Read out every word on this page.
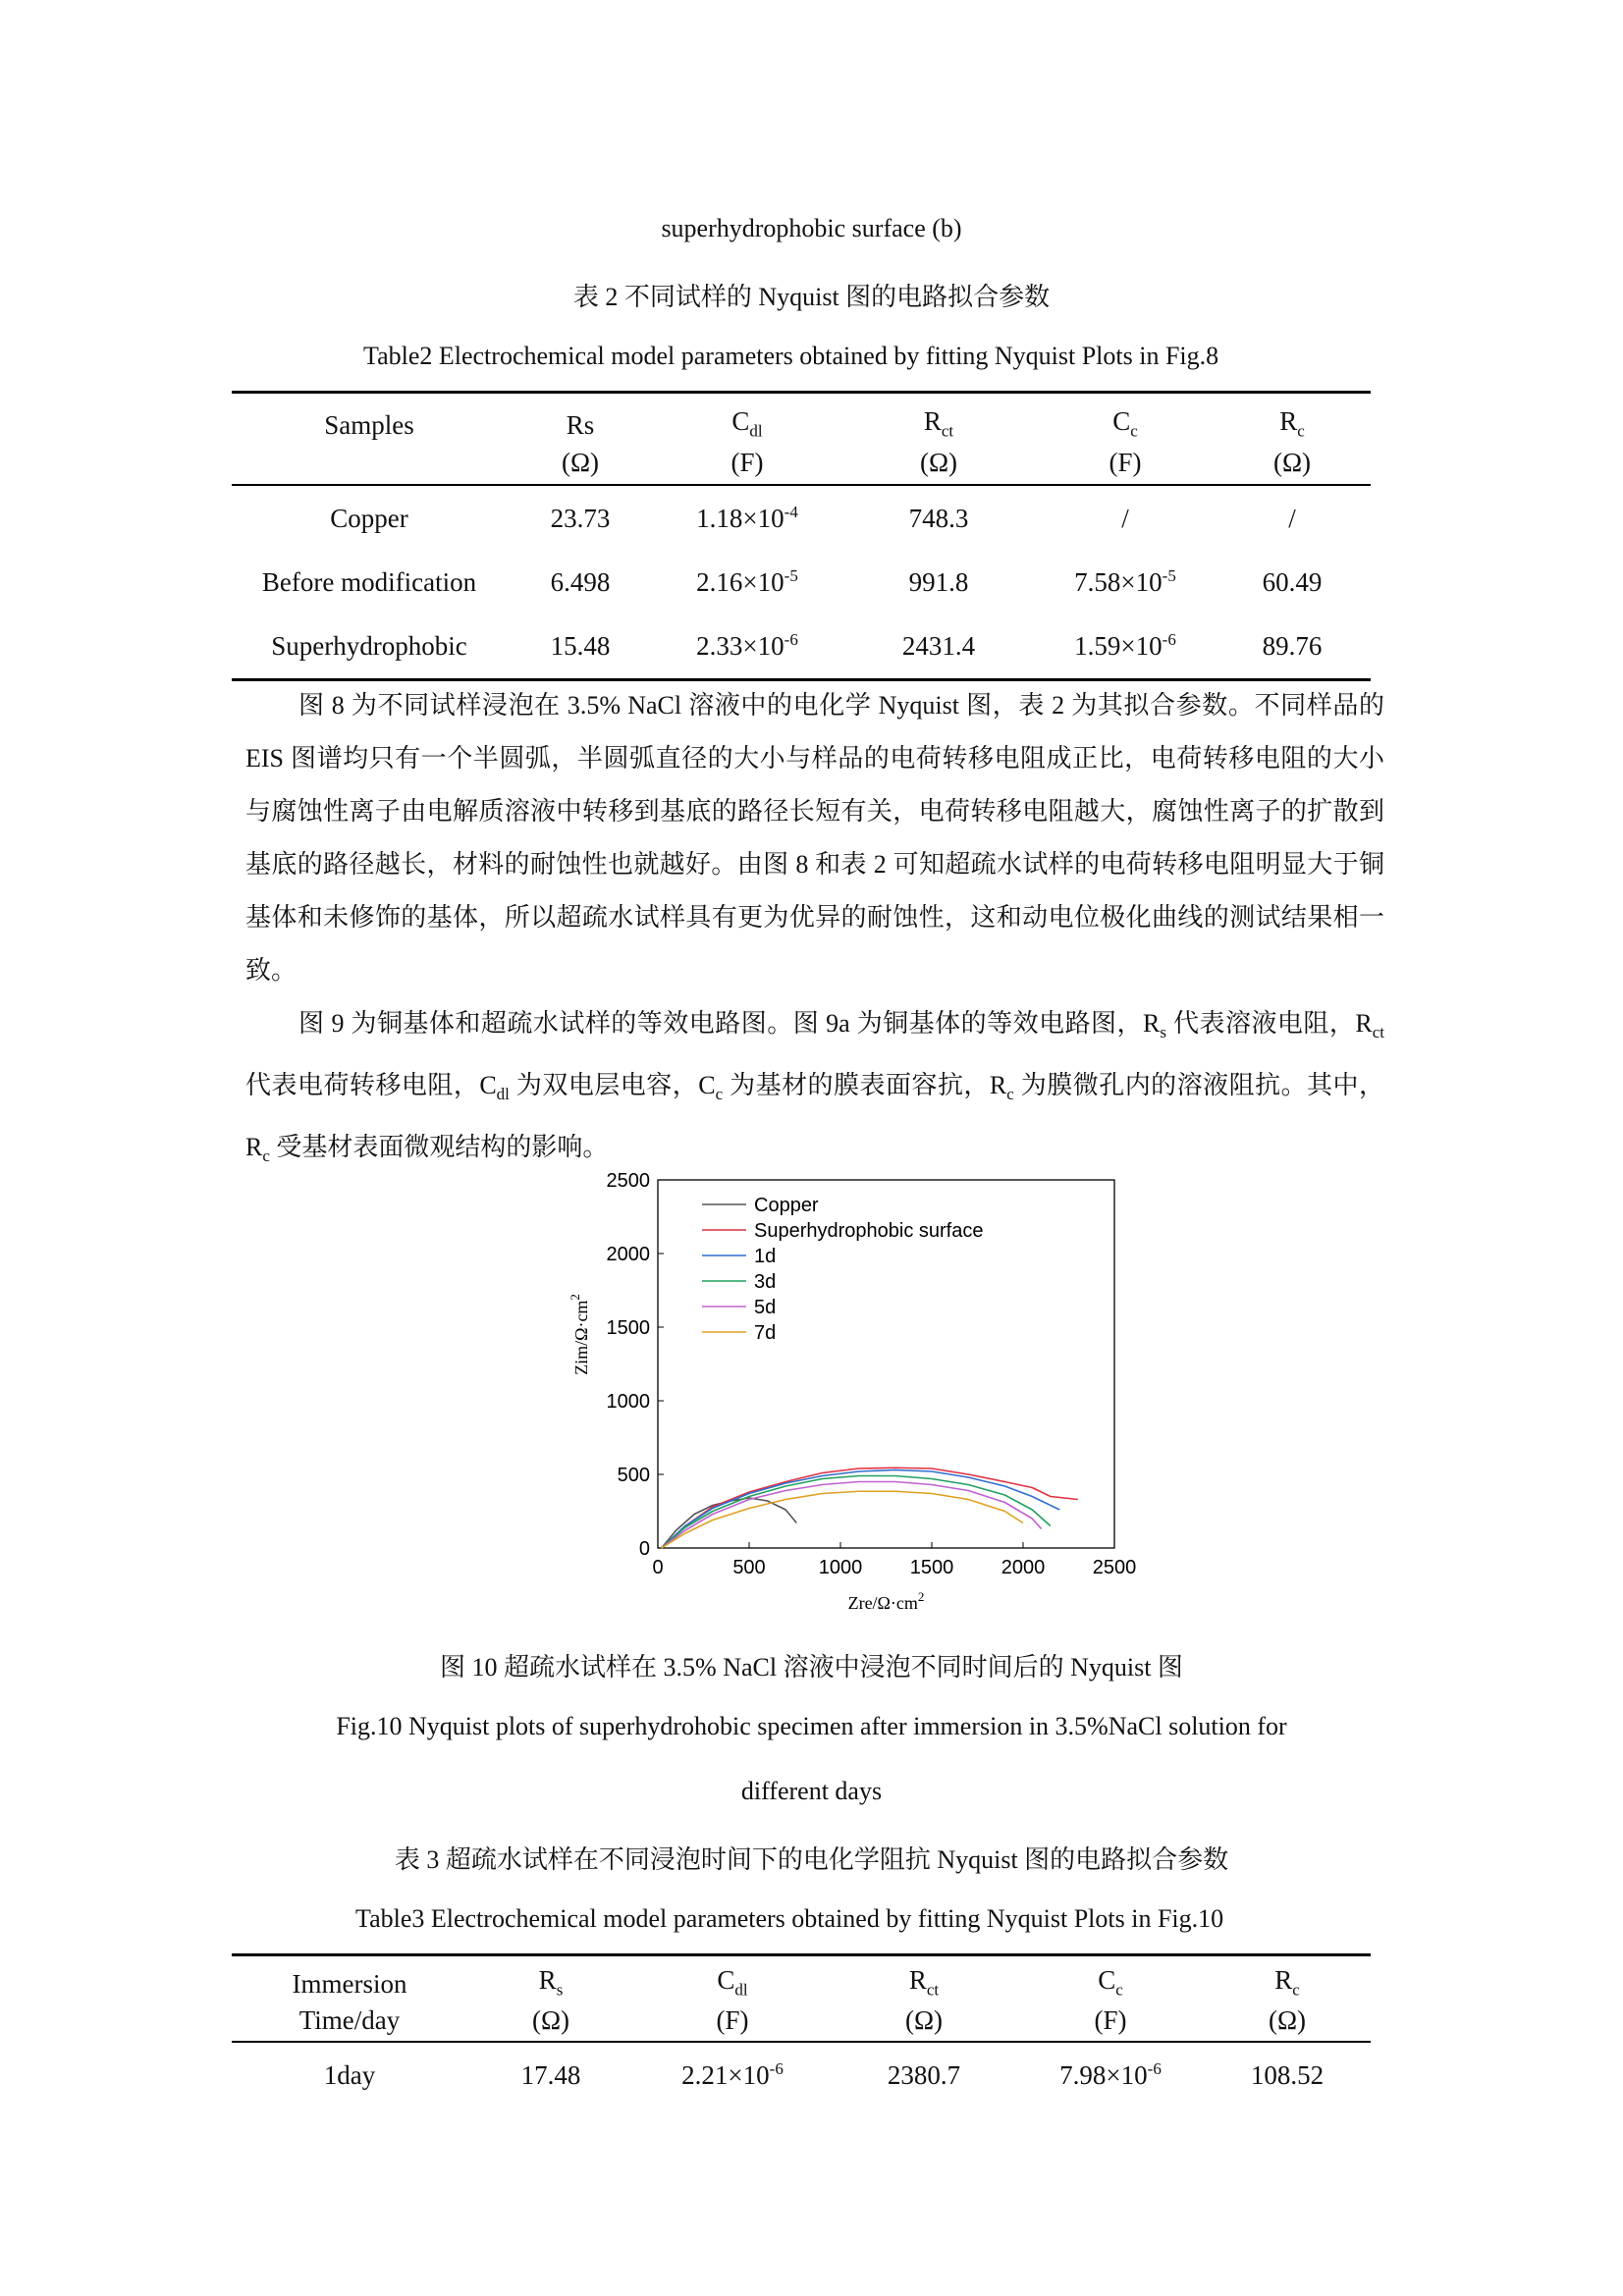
superhydrophobic surface (b)
表 2 不同试样的 Nyquist 图的电路拟合参数
Table2 Electrochemical model parameters obtained by fitting Nyquist Plots in Fig.8
Samples	Rs	$C_{dl}$	$R_{ct}$	$C_c$	$R_c$
	(Ω)	(F)	(Ω)	(F)	(Ω)
Copper	23.73	$1.18\times 10^{-4}$	748.3	/	/
Before modification	6.498	$2.16\times 10^{-5}$	991.8	$7.58\times 10^{-5}$	60.49
Superhydrophobic	15.48	$2.33\times 10^{-6}$	2431.4	$1.59\times 10^{-6}$	89.76

图 8 为不同试样浸泡在 3.5% NaCl 溶液中的电化学 Nyquist 图，表 2 为其拟合参数。不同样品的 EIS 图谱均只有一个半圆弧，半圆弧直径的大小与样品的电荷转移电阻成正比，电荷转移电阻的大小与腐蚀性离子由电解质溶液中转移到基底的路径长短有关，电荷转移电阻越大，腐蚀性离子的扩散到基底的路径越长，材料的耐蚀性也就越好。由图 8 和表 2 可知超疏水试样的电荷转移电阻明显大于铜基体和未修饰的基体，所以超疏水试样具有更为优异的耐蚀性，这和动电位极化曲线的测试结果相一致。

图 9 为铜基体和超疏水试样的等效电路图。图 9a 为铜基体的等效电路图，$R_s$ 代表溶液电阻，$R_{ct}$ 代表电荷转移电阻，$C_{dl}$ 为双电层电容，$C_c$ 为基材的膜表面容抗，$R_c$ 为膜微孔内的溶液阻抗。其中，$R_c$ 受基材表面微观结构的影响。

0	500	1000 1500 2000 2500
0
500
1000
1500
2000
2500
Zre/$\Omega\cdot cm^2$
Zim/$\Omega\cdot cm^2$
Copper
Superhydrophobic surface
1d
3d
5d
7d
图 10 超疏水试样在 3.5% NaCl 溶液中浸泡不同时间后的 Nyquist 图
Fig.10 Nyquist plots of superhydrohobic specimen after immersion in 3.5%NaCl solution for
different days
表 3 超疏水试样在不同浸泡时间下的电化学阻抗 Nyquist 图的电路拟合参数
Table3 Electrochemical model parameters obtained by fitting Nyquist Plots in Fig.10
Immersion	$R_s$	$C_{dl}$	$R_{ct}$	$C_c$	$R_c$
Time/day	(Ω)	(F)	(Ω)	(F)	(Ω)
1day	17.48	$2.21\times 10^{-6}$	2380.7	$7.98\times 10^{-6}$	108.52
